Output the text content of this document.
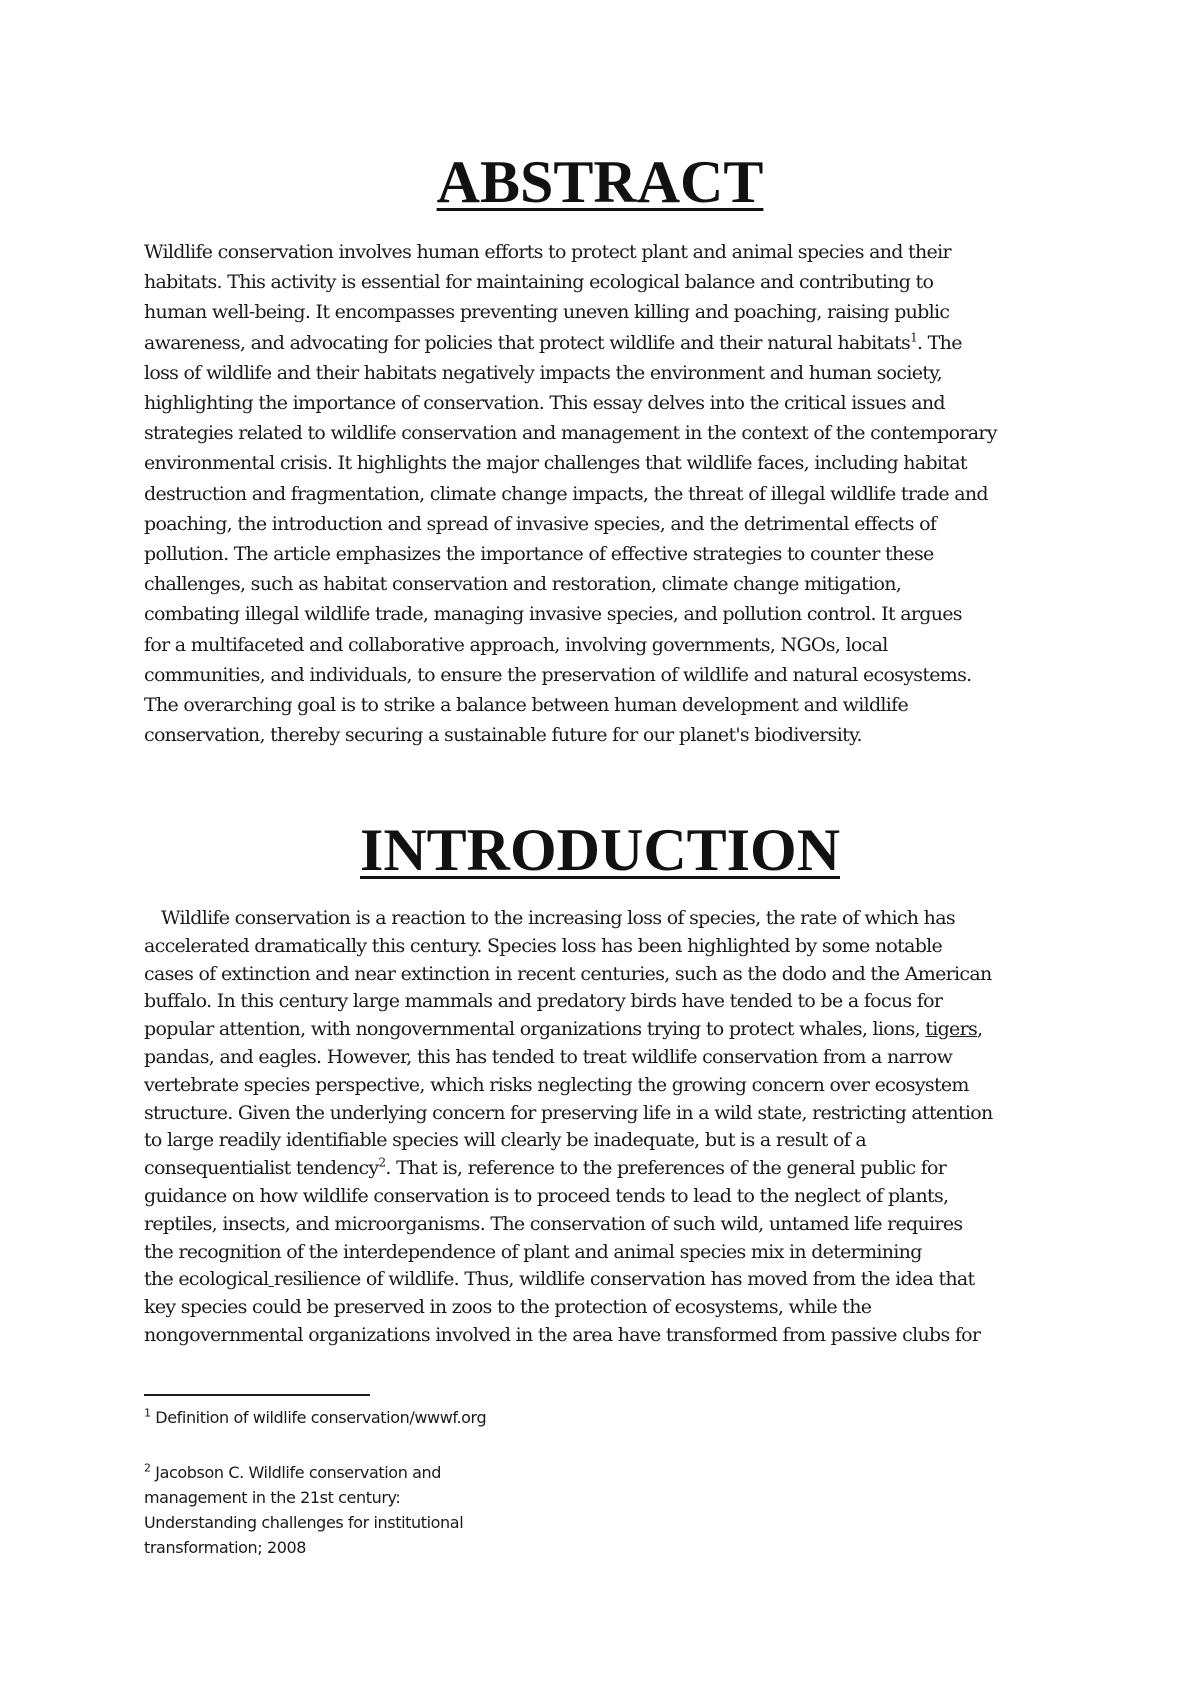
ABSTRACT

Wildlife conservation involves human efforts to protect plant and animal species and their
habitats. This activity is essential for maintaining ecological balance and contributing to
human well-being. It encompasses preventing uneven killing and poaching, raising public
awareness, and advocating for policies that protect wildlife and their natural habitats$^1$. The
loss of wildlife and their habitats negatively impacts the environment and human society,
highlighting the importance of conservation. This essay delves into the critical issues and
strategies related to wildlife conservation and management in the context of the contemporary
environmental crisis. It highlights the major challenges that wildlife faces, including habitat
destruction and fragmentation, climate change impacts, the threat of illegal wildlife trade and
poaching, the introduction and spread of invasive species, and the detrimental effects of
pollution. The article emphasizes the importance of effective strategies to counter these
challenges, such as habitat conservation and restoration, climate change mitigation,
combating illegal wildlife trade, managing invasive species, and pollution control. It argues
for a multifaceted and collaborative approach, involving governments, NGOs, local
communities, and individuals, to ensure the preservation of wildlife and natural ecosystems.
The overarching goal is to strike a balance between human development and wildlife
conservation, thereby securing a sustainable future for our planet's biodiversity.

INTRODUCTION

Wildlife conservation is a reaction to the increasing loss of species, the rate of which has
accelerated dramatically this century. Species loss has been highlighted by some notable
cases of extinction and near extinction in recent centuries, such as the dodo and the American
buffalo. In this century large mammals and predatory birds have tended to be a focus for
popular attention, with nongovernmental organizations trying to protect whales, lions, tigers,
pandas, and eagles. However, this has tended to treat wildlife conservation from a narrow
vertebrate species perspective, which risks neglecting the growing concern over ecosystem
structure. Given the underlying concern for preserving life in a wild state, restricting attention
to large readily identifiable species will clearly be inadequate, but is a result of a
consequentialist tendency$^2$. That is, reference to the preferences of the general public for
guidance on how wildlife conservation is to proceed tends to lead to the neglect of plants,
reptiles, insects, and microorganisms. The conservation of such wild, untamed life requires
the recognition of the interdependence of plant and animal species mix in determining
the ecological resilience of wildlife. Thus, wildlife conservation has moved from the idea that
key species could be preserved in zoos to the protection of ecosystems, while the
nongovernmental organizations involved in the area have transformed from passive clubs for

$^1$ Definition of wildlife conservation/wwwf.org

$^2$ Jacobson C. Wildlife conservation and
management in the 21st century:
Understanding challenges for institutional
transformation; 2008
